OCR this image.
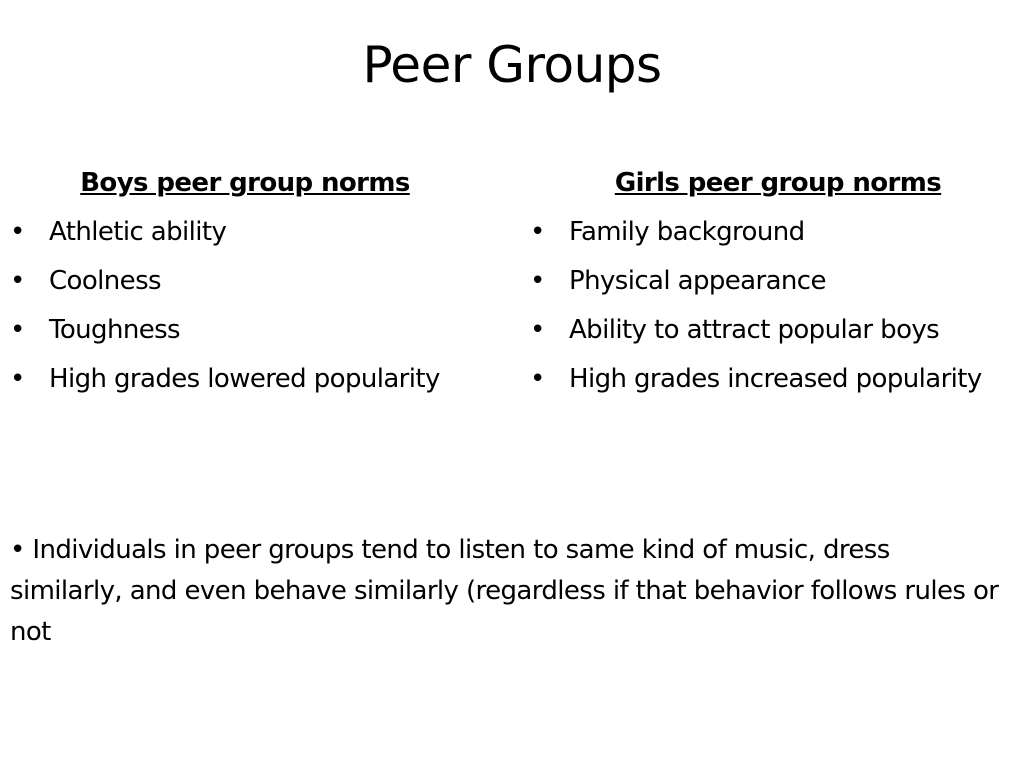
Peer Groups
Boys peer group norms
• Athletic ability
• Coolness
• Toughness
• High grades lowered popularity
Girls peer group norms
• Family background
• Physical appearance
• Ability to attract popular boys
• High grades increased popularity

• Individuals in peer groups tend to listen to same kind of music, dress similarly, and even behave similarly (regardless if that behavior follows rules or not
